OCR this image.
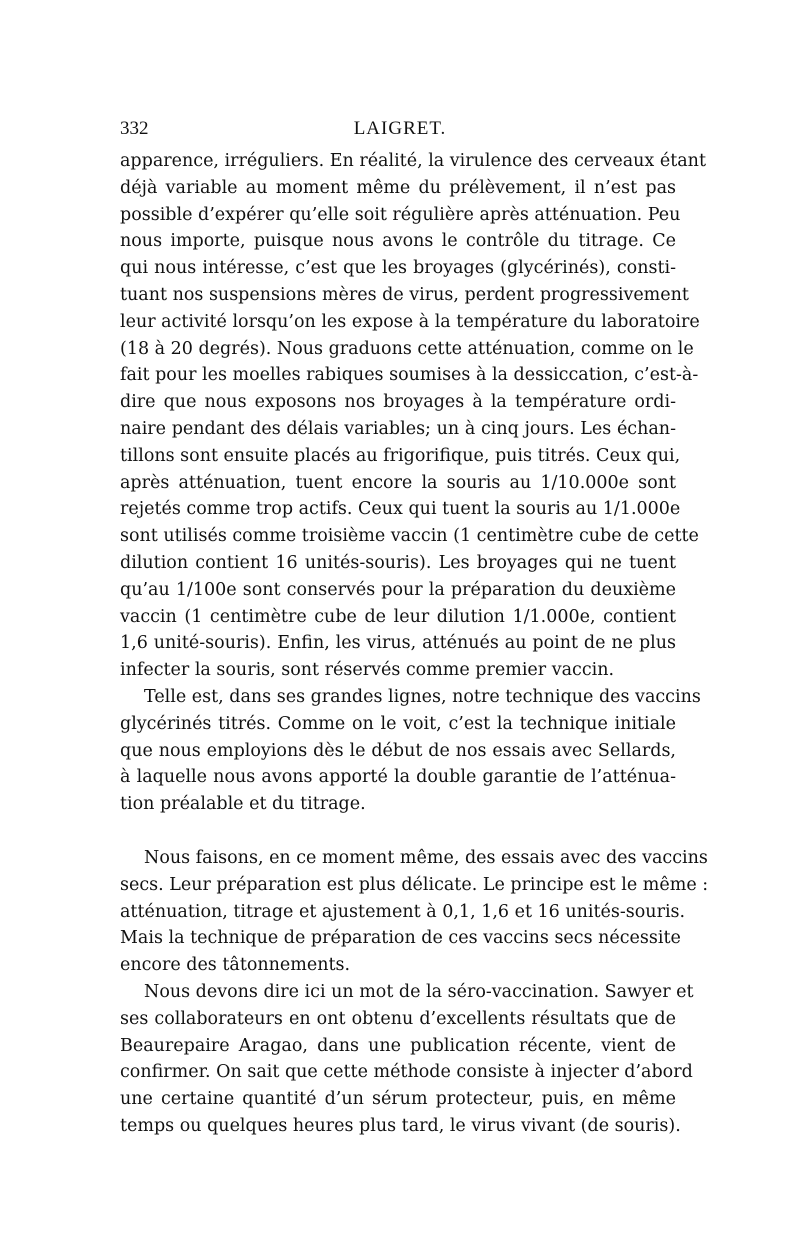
332	LAIGRET.
apparence, irréguliers. En réalité, la virulence des cerveaux étant
déjà variable au moment même du prélèvement, il n’est pas
possible d’expérer qu’elle soit régulière après atténuation. Peu
nous importe, puisque nous avons le contrôle du titrage. Ce
qui nous intéresse, c’est que les broyages (glycérinés), consti-
tuant nos suspensions mères de virus, perdent progressivement
leur activité lorsqu’on les expose à la température du laboratoire
(18 à 20 degrés). Nous graduons cette atténuation, comme on le
fait pour les moelles rabiques soumises à la dessiccation, c’est-à-
dire que nous exposons nos broyages à la température ordi-
naire pendant des délais variables; un à cinq jours. Les échan-
tillons sont ensuite placés au frigorifique, puis titrés. Ceux qui,
après atténuation, tuent encore la souris au 1/10.000e sont
rejetés comme trop actifs. Ceux qui tuent la souris au 1/1.000e
sont utilisés comme troisième vaccin (1 centimètre cube de cette
dilution contient 16 unités-souris). Les broyages qui ne tuent
qu’au 1/100e sont conservés pour la préparation du deuxième
vaccin (1 centimètre cube de leur dilution 1/1.000e, contient
1,6 unité-souris). Enfin, les virus, atténués au point de ne plus
infecter la souris, sont réservés comme premier vaccin.
Telle est, dans ses grandes lignes, notre technique des vaccins
glycérinés titrés. Comme on le voit, c’est la technique initiale
que nous employions dès le début de nos essais avec Sellards,
à laquelle nous avons apporté la double garantie de l’atténua-
tion préalable et du titrage.
Nous faisons, en ce moment même, des essais avec des vaccins
secs. Leur préparation est plus délicate. Le principe est le même :
atténuation, titrage et ajustement à 0,1, 1,6 et 16 unités-souris.
Mais la technique de préparation de ces vaccins secs nécessite
encore des tâtonnements.
Nous devons dire ici un mot de la séro-vaccination. Sawyer et
ses collaborateurs en ont obtenu d’excellents résultats que de
Beaurepaire Aragao, dans une publication récente, vient de
confirmer. On sait que cette méthode consiste à injecter d’abord
une certaine quantité d’un sérum protecteur, puis, en même
temps ou quelques heures plus tard, le virus vivant (de souris).
